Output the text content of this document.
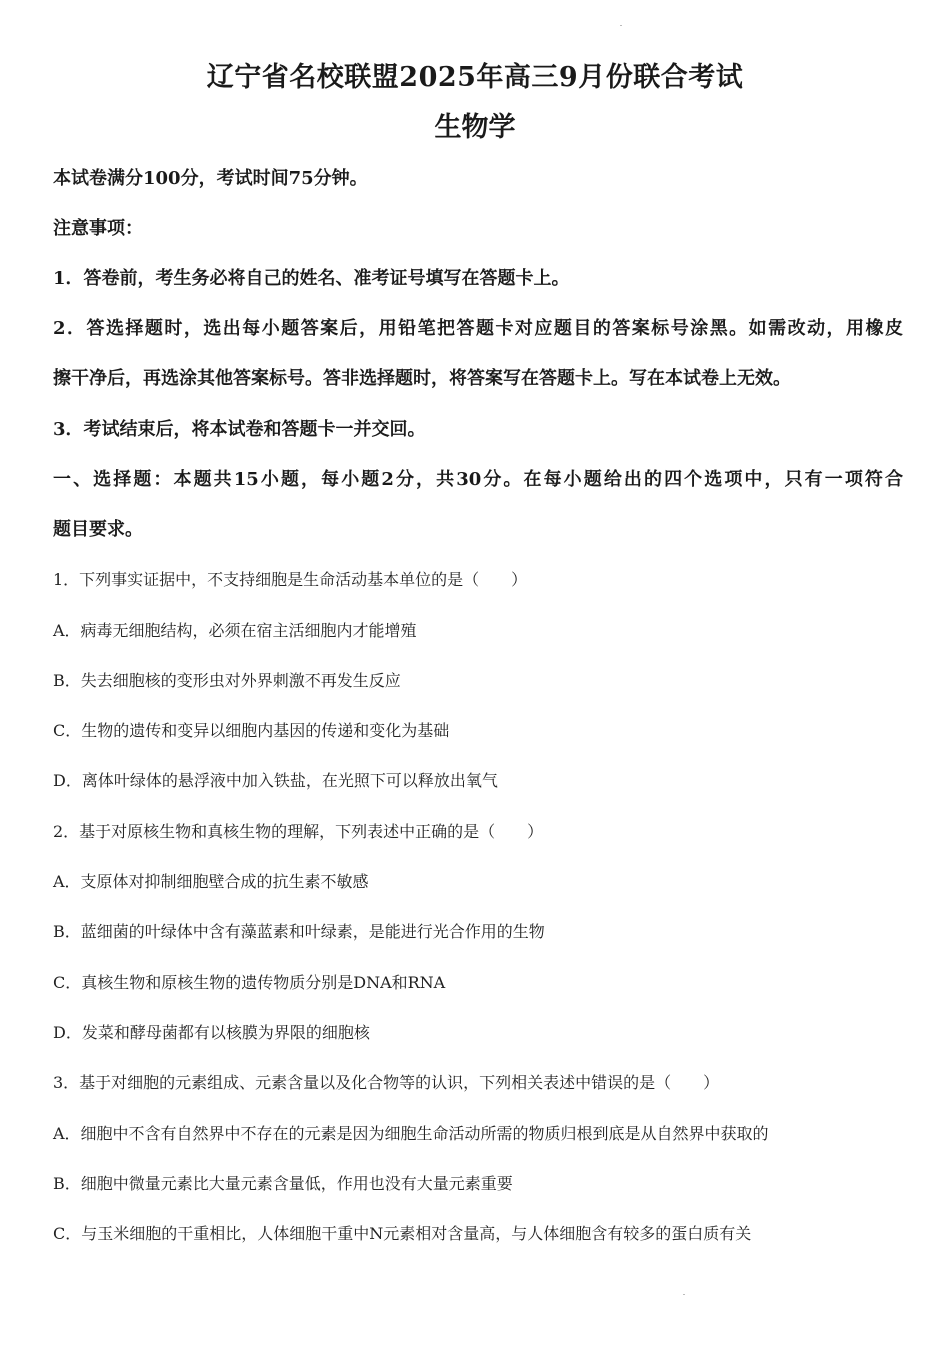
辽宁省名校联盟2025年高三9月份联合考试
生物学
本试卷满分100分，考试时间75分钟。
注意事项：
1．答卷前，考生务必将自己的姓名、准考证号填写在答题卡上。
2．答选择题时，选出每小题答案后，用铅笔把答题卡对应题目的答案标号涂黑。如需改动，用橡皮
擦干净后，再选涂其他答案标号。答非选择题时，将答案写在答题卡上。写在本试卷上无效。
3．考试结束后，将本试卷和答题卡一并交回。
一、选择题：本题共15小题，每小题2分，共30分。在每小题给出的四个选项中，只有一项符合
题目要求。
1．下列事实证据中，不支持细胞是生命活动基本单位的是（　　）
A．病毒无细胞结构，必须在宿主活细胞内才能增殖
B．失去细胞核的变形虫对外界刺激不再发生反应
C．生物的遗传和变异以细胞内基因的传递和变化为基础
D．离体叶绿体的悬浮液中加入铁盐，在光照下可以释放出氧气
2．基于对原核生物和真核生物的理解，下列表述中正确的是（　　）
A．支原体对抑制细胞壁合成的抗生素不敏感
B．蓝细菌的叶绿体中含有藻蓝素和叶绿素，是能进行光合作用的生物
C．真核生物和原核生物的遗传物质分别是DNA和RNA
D．发菜和酵母菌都有以核膜为界限的细胞核
3．基于对细胞的元素组成、元素含量以及化合物等的认识，下列相关表述中错误的是（　　）
A．细胞中不含有自然界中不存在的元素是因为细胞生命活动所需的物质归根到底是从自然界中获取的
B．细胞中微量元素比大量元素含量低，作用也没有大量元素重要
C．与玉米细胞的干重相比，人体细胞干重中N元素相对含量高，与人体细胞含有较多的蛋白质有关
